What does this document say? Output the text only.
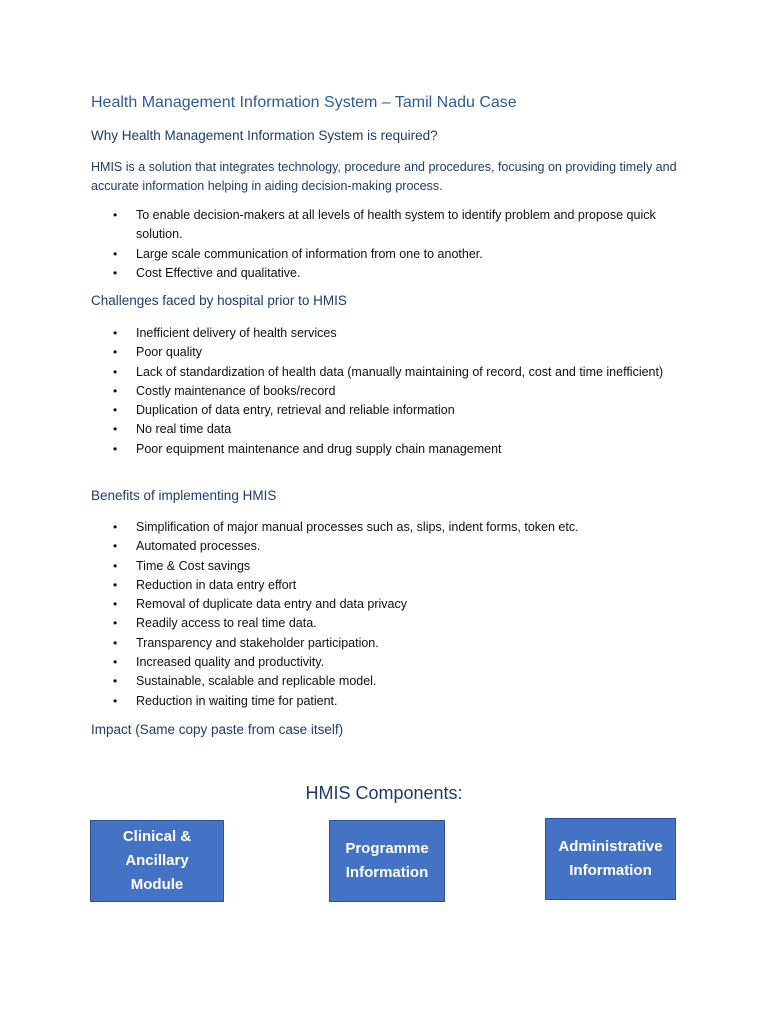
Health Management Information System – Tamil Nadu Case
Why Health Management Information System is required?
HMIS is a solution that integrates technology, procedure and procedures, focusing on providing timely and accurate information helping in aiding decision-making process.
• To enable decision-makers at all levels of health system to identify problem and propose quick solution.
• Large scale communication of information from one to another.
• Cost Effective and qualitative.
Challenges faced by hospital prior to HMIS
• Inefficient delivery of health services
• Poor quality
• Lack of standardization of health data (manually maintaining of record, cost and time inefficient)
• Costly maintenance of books/record
• Duplication of data entry, retrieval and reliable information
• No real time data
• Poor equipment maintenance and drug supply chain management
Benefits of implementing HMIS
• Simplification of major manual processes such as, slips, indent forms, token etc.
• Automated processes.
• Time & Cost savings
• Reduction in data entry effort
• Removal of duplicate data entry and data privacy
• Readily access to real time data.
• Transparency and stakeholder participation.
• Increased quality and productivity.
• Sustainable, scalable and replicable model.
• Reduction in waiting time for patient.
Impact (Same copy paste from case itself)
HMIS Components:
Clinical & Ancillary Module
Programme Information
Administrative Information
